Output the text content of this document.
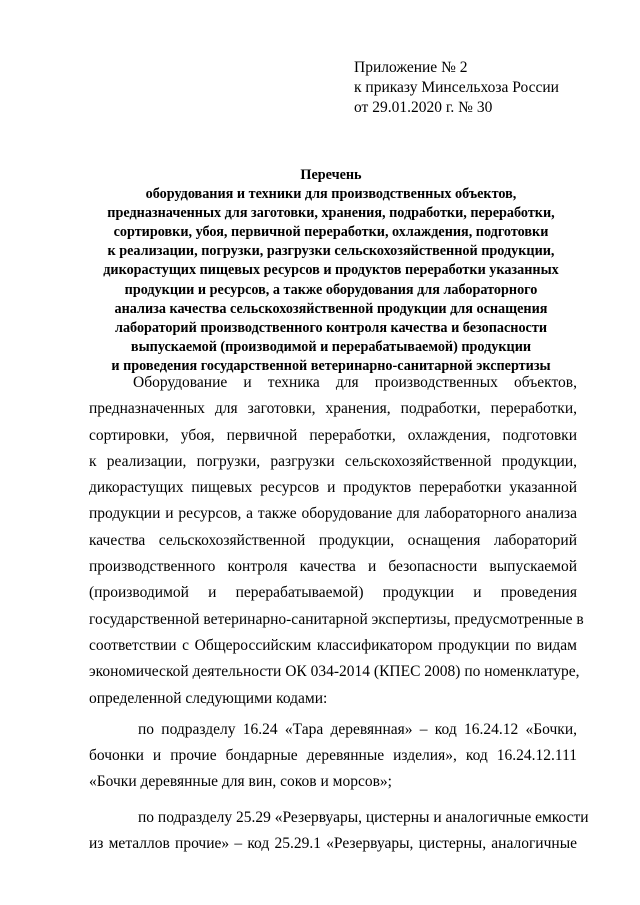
Приложение № 2
к приказу Минсельхоза России
от 29.01.2020 г. № 30
Перечень
оборудования и техники для производственных объектов,
предназначенных для заготовки, хранения, подработки, переработки,
сортировки, убоя, первичной переработки, охлаждения, подготовки
к реализации, погрузки, разгрузки сельскохозяйственной продукции,
дикорастущих пищевых ресурсов и продуктов переработки указанных
продукции и ресурсов, а также оборудования для лабораторного
анализа качества сельскохозяйственной продукции для оснащения
лабораторий производственного контроля качества и безопасности
выпускаемой (производимой и перерабатываемой) продукции
и проведения государственной ветеринарно-санитарной экспертизы
Оборудование и техника для производственных объектов,
предназначенных для заготовки, хранения, подработки, переработки,
сортировки, убоя, первичной переработки, охлаждения, подготовки
к реализации, погрузки, разгрузки сельскохозяйственной продукции,
дикорастущих пищевых ресурсов и продуктов переработки указанной
продукции и ресурсов, а также оборудование для лабораторного анализа
качества сельскохозяйственной продукции, оснащения лабораторий
производственного контроля качества и безопасности выпускаемой
(производимой и перерабатываемой) продукции и проведения
государственной ветеринарно-санитарной экспертизы, предусмотренные в
соответствии с Общероссийским классификатором продукции по видам
экономической деятельности ОК 034-2014 (КПЕС 2008) по номенклатуре,
определенной следующими кодами:
по подразделу 16.24 «Тара деревянная» – код 16.24.12 «Бочки,
бочонки и прочие бондарные деревянные изделия», код 16.24.12.111
«Бочки деревянные для вин, соков и морсов»;
по подразделу 25.29 «Резервуары, цистерны и аналогичные емкости
из металлов прочие» – код 25.29.1 «Резервуары, цистерны, аналогичные
